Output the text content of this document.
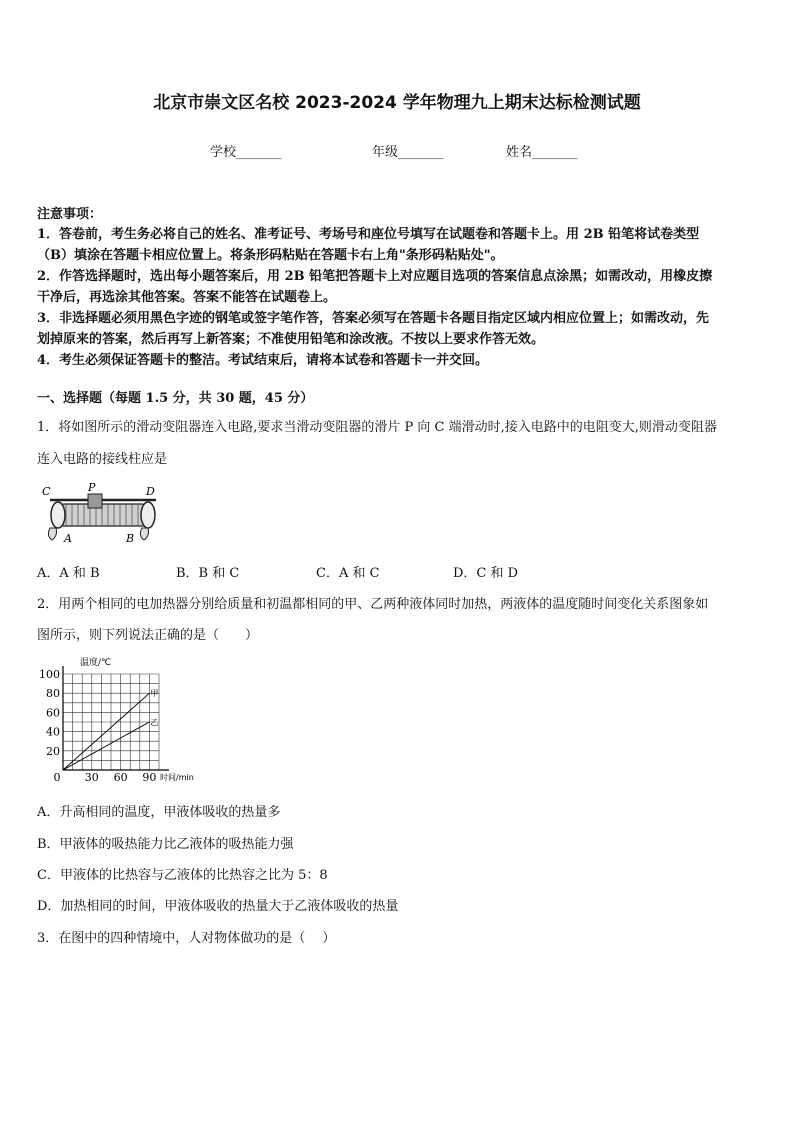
北京市崇文区名校 2023-2024 学年物理九上期末达标检测试题
学校_______	年级_______	姓名_______
注意事项：
1．答卷前，考生务必将自己的姓名、准考证号、考场号和座位号填写在试题卷和答题卡上。用 2B 铅笔将试卷类型
（B）填涂在答题卡相应位置上。将条形码粘贴在答题卡右上角"条形码粘贴处"。
2．作答选择题时，选出每小题答案后，用 2B 铅笔把答题卡上对应题目选项的答案信息点涂黑；如需改动，用橡皮擦
干净后，再选涂其他答案。答案不能答在试题卷上。
3．非选择题必须用黑色字迹的钢笔或签字笔作答，答案必须写在答题卡各题目指定区域内相应位置上；如需改动，先
划掉原来的答案，然后再写上新答案；不准使用铅笔和涂改液。不按以上要求作答无效。
4．考生必须保证答题卡的整洁。考试结束后，请将本试卷和答题卡一并交回。
一、选择题（每题 1.5 分，共 30 题，45 分）
1．将如图所示的滑动变阻器连入电路,要求当滑动变阻器的滑片 P 向 C 端滑动时,接入电路中的电阻变大,则滑动变阻器
连入电路的接线柱应是
C	P	D
A	B
A．A 和 B	B．B 和 C	C．A 和 C	D．C 和 D
2．用两个相同的电加热器分别给质量和初温都相同的甲、乙两种液体同时加热，两液体的温度随时间变化关系图象如
图所示，则下列说法正确的是（　　）
0 30 60 90
20
40
60
80
100
甲
乙
温度/℃
时间/min
A．升高相同的温度，甲液体吸收的热量多
B．甲液体的吸热能力比乙液体的吸热能力强
C．甲液体的比热容与乙液体的比热容之比为 5：8
D．加热相同的时间，甲液体吸收的热量大于乙液体吸收的热量
3．在图中的四种情境中，人对物体做功的是（　 ）
